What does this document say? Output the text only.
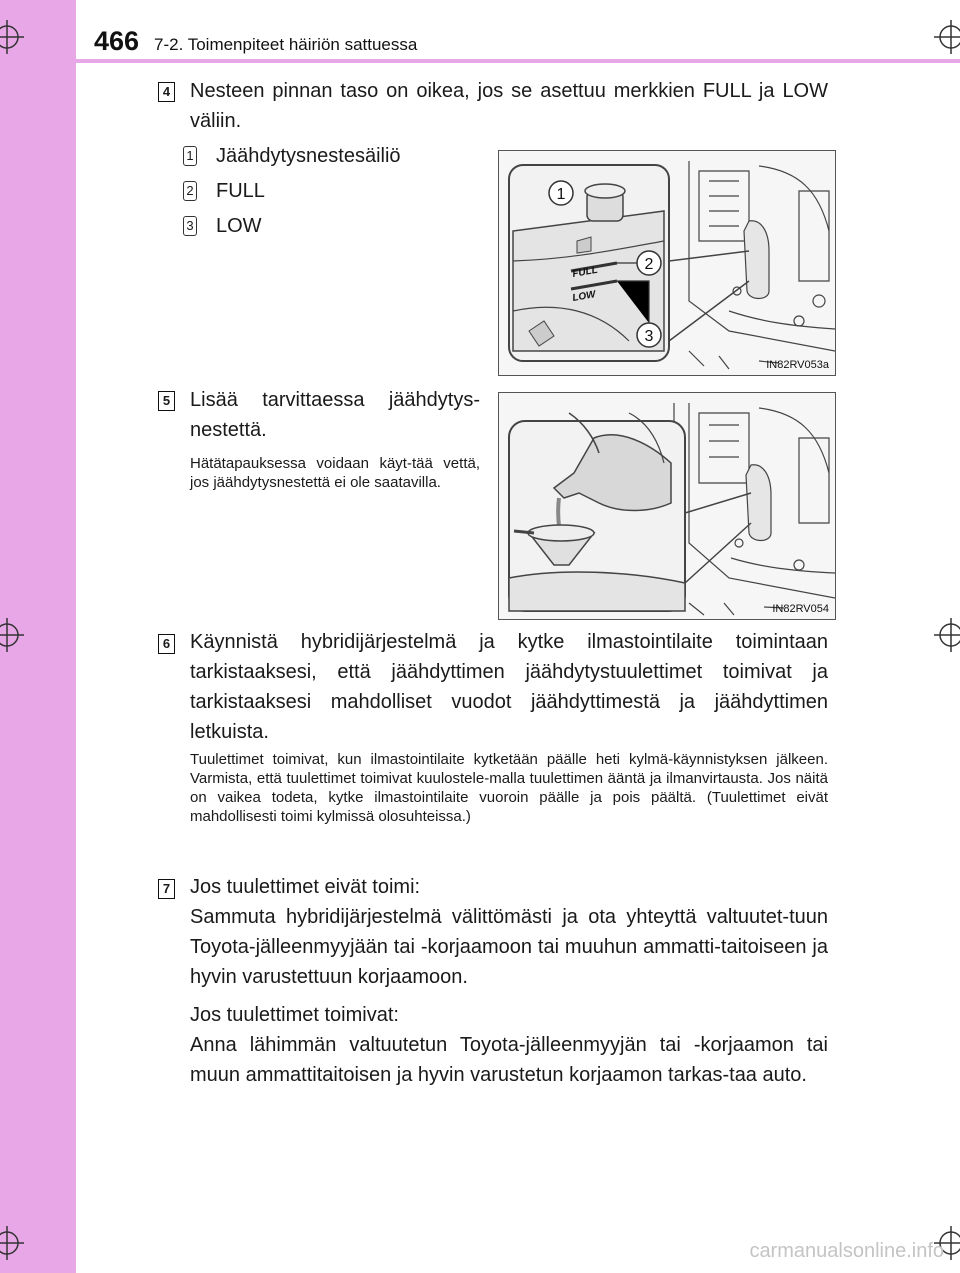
466 7-2. Toimenpiteet häiriön sattuessa
4 Nesteen pinnan taso on oikea, jos se asettuu merkkien FULL ja LOW väliin.

1 Jäähdytysnestesäiliö
2 FULL
3 LOW
1
2
3
FULL
LOW
IN82RV053a
5 Lisää tarvittaessa jäähdytys-nestettä.

Hätätapauksessa voidaan käyt-tää vettä, jos jäähdytysnestettä ei ole saatavilla.

IN82RV054
6 Käynnistä hybridijärjestelmä ja kytke ilmastointilaite toimintaan tarkistaaksesi, että jäähdyttimen jäähdytystuulettimet toimivat ja tarkistaaksesi mahdolliset vuodot jäähdyttimestä ja jäähdyttimen letkuista.

Tuulettimet toimivat, kun ilmastointilaite kytketään päälle heti kylmä-käynnistyksen jälkeen. Varmista, että tuulettimet toimivat kuulostele-malla tuulettimen ääntä ja ilmanvirtausta. Jos näitä on vaikea todeta, kytke ilmastointilaite vuoroin päälle ja pois päältä. (Tuulettimet eivät mahdollisesti toimi kylmissä olosuhteissa.)

7 Jos tuulettimet eivät toimi:

Sammuta hybridijärjestelmä välittömästi ja ota yhteyttä valtuutet-tuun Toyota-jälleenmyyjään tai -korjaamoon tai muuhun ammatti-taitoiseen ja hyvin varustettuun korjaamoon.

Jos tuulettimet toimivat:

Anna lähimmän valtuutetun Toyota-jälleenmyyjän tai -korjaamon tai muun ammattitaitoisen ja hyvin varustetun korjaamon tarkas-taa auto.

carmanualsonline.info
